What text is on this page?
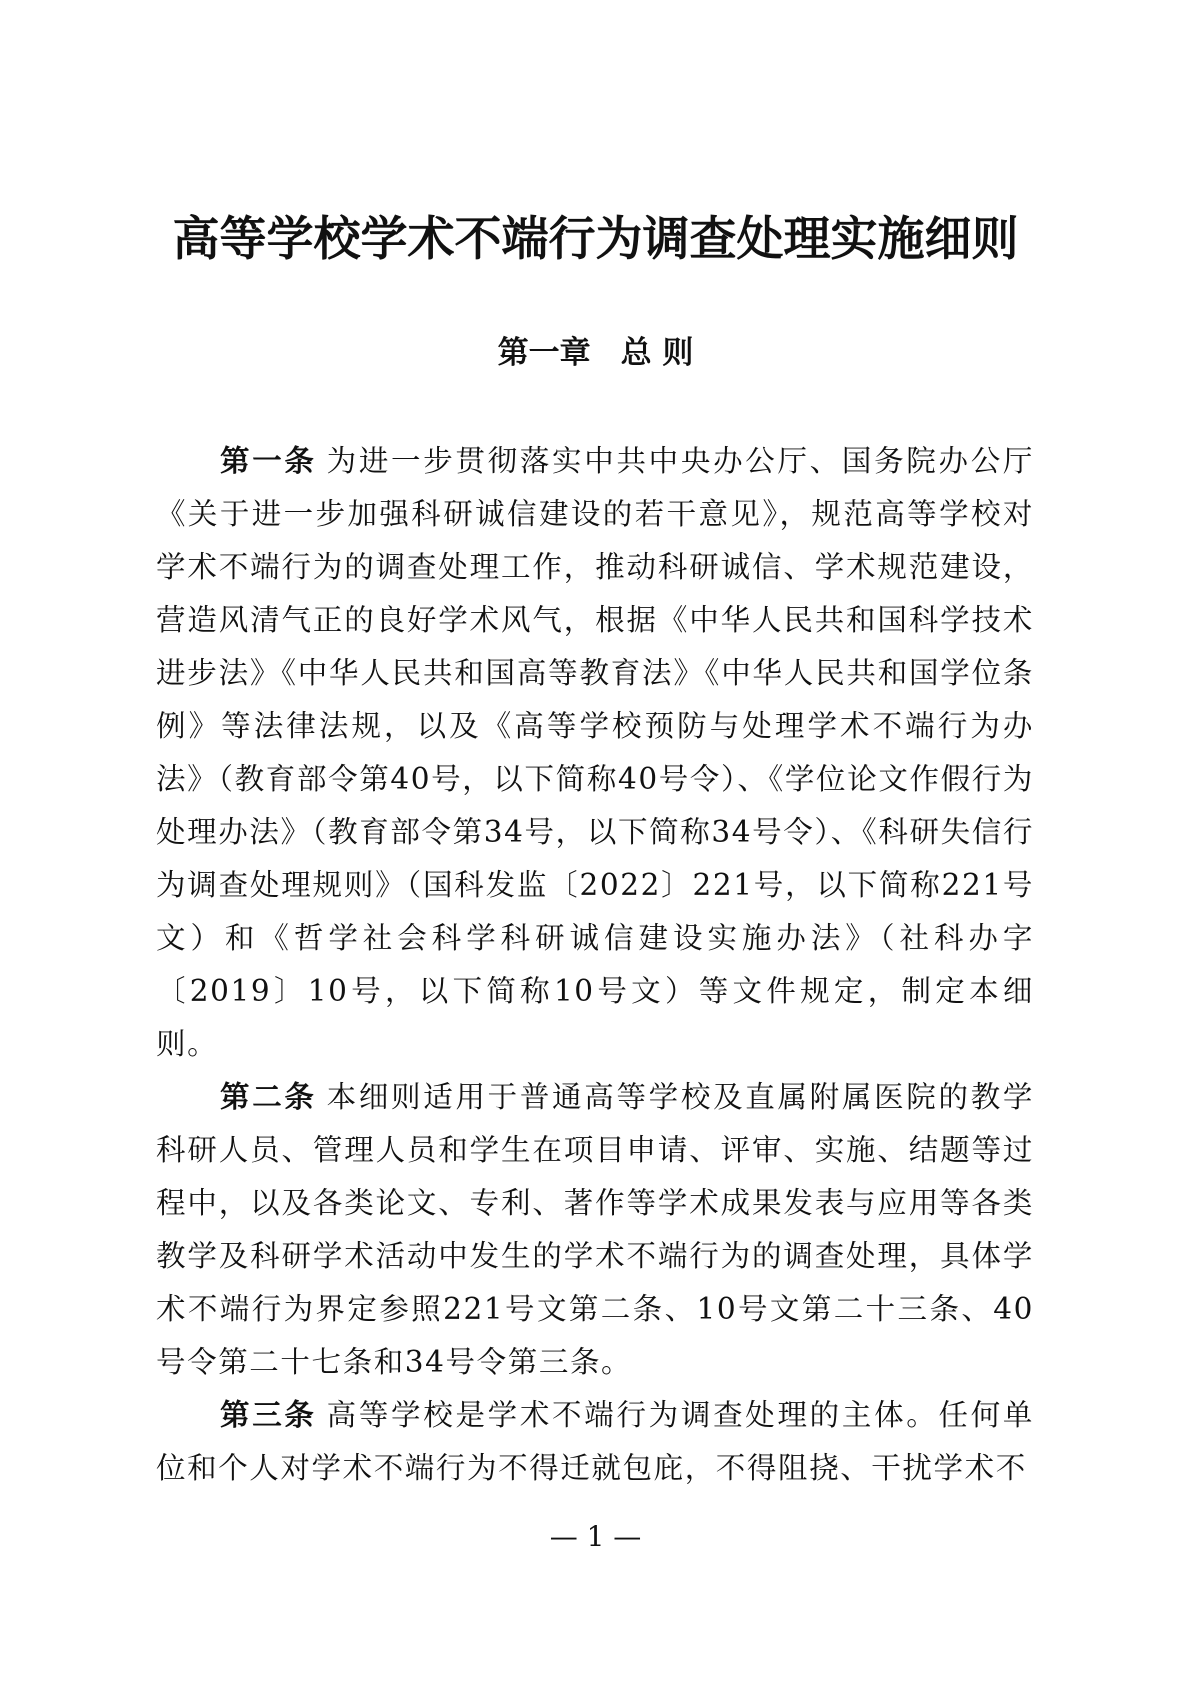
高等学校学术不端行为调查处理实施细则
第一章 总 则

第一条 为进一步贯彻落实中共中央办公厅、国务院办公厅《关于进一步加强科研诚信建设的若干意见》，规范高等学校对学术不端行为的调查处理工作，推动科研诚信、学术规范建设，营造风清气正的良好学术风气，根据《中华人民共和国科学技术进步法》《中华人民共和国高等教育法》《中华人民共和国学位条例》等法律法规，以及《高等学校预防与处理学术不端行为办法》（教育部令第40号，以下简称40号令）、《学位论文作假行为处理办法》（教育部令第34号，以下简称34号令）、《科研失信行为调查处理规则》（国科发监〔2022〕221号，以下简称221号文）和《哲学社会科学科研诚信建设实施办法》（社科办字〔2019〕10号，以下简称10号文）等文件规定，制定本细则。

第二条 本细则适用于普通高等学校及直属附属医院的教学科研人员、管理人员和学生在项目申请、评审、实施、结题等过程中，以及各类论文、专利、著作等学术成果发表与应用等各类教学及科研学术活动中发生的学术不端行为的调查处理，具体学术不端行为界定参照221号文第二条、10号文第二十三条、40号令第二十七条和34号令第三条。

第三条 高等学校是学术不端行为调查处理的主体。任何单位和个人对学术不端行为不得迁就包庇，不得阻挠、干扰学术不

— 1 —
